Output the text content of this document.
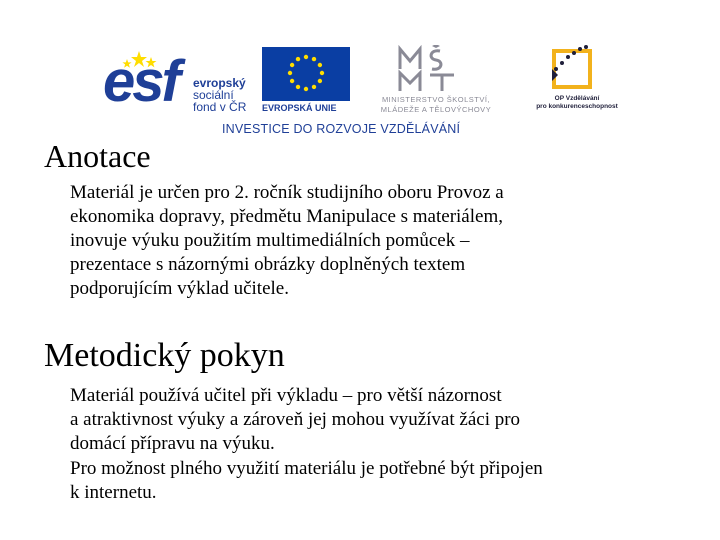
esf evropský
sociální
fond v ČR EVROPSKÁ UNIE
MINISTERSTVO ŠKOLSTVÍ,
MLÁDEŽE A TĚLOVÝCHOVY
OP Vzdělávání
pro konkurenceschopnost
INVESTICE DO ROZVOJE VZDĚLÁVÁNÍ
Anotace

Materiál je určen pro 2. ročník studijního oboru Provoz a
ekonomika dopravy, předmětu Manipulace s materiálem,
inovuje výuku použitím multimediálních pomůcek –
prezentace s názornými obrázky doplněných textem
podporujícím výklad učitele.

Metodický pokyn

Materiál používá učitel při výkladu – pro větší názornost
a atraktivnost výuky a zároveň jej mohou využívat žáci pro
domácí přípravu na výuku.

Pro možnost plného využití materiálu je potřebné být připojen
k internetu.
